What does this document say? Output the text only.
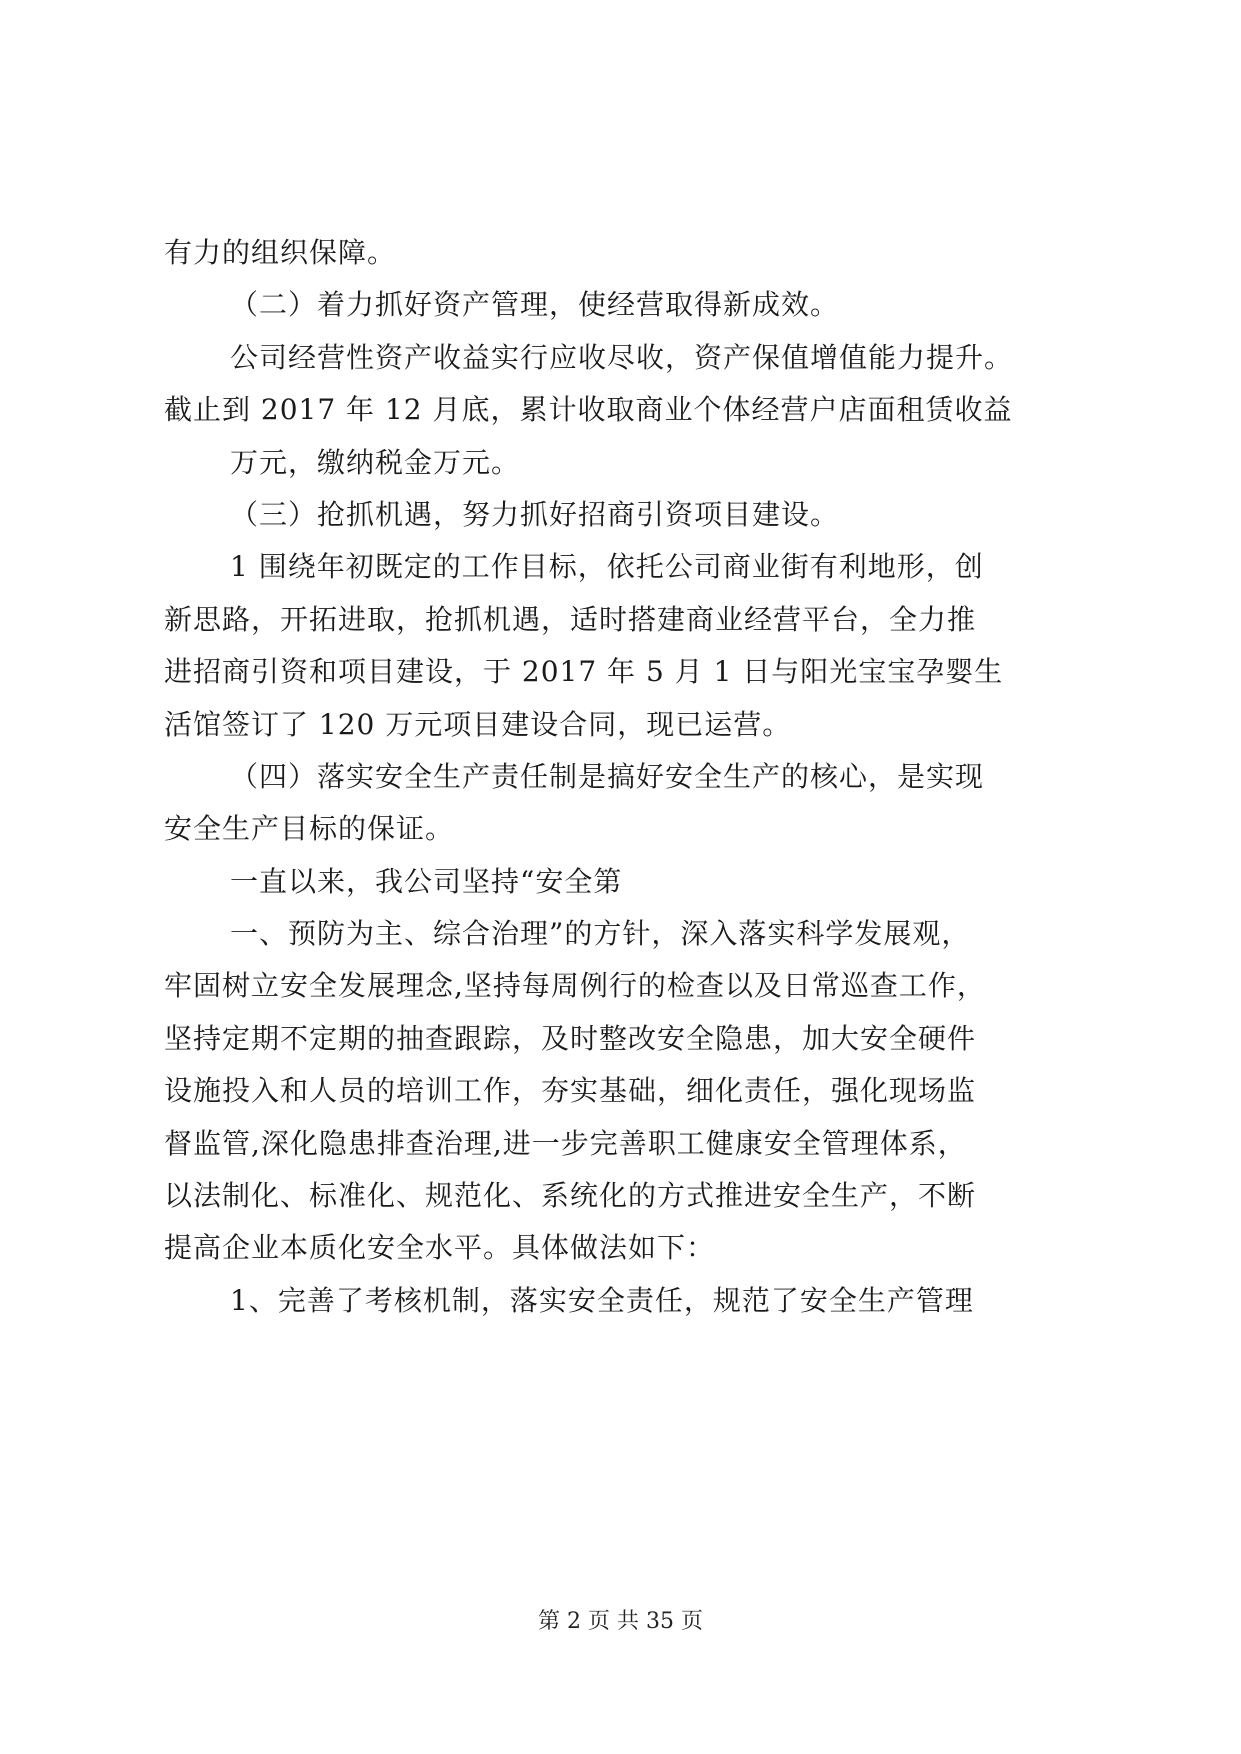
有力的组织保障。
（二）着力抓好资产管理，使经营取得新成效。
公司经营性资产收益实行应收尽收，资产保值增值能力提升。
截止到 2017 年 12 月底，累计收取商业个体经营户店面租赁收益
万元，缴纳税金万元。
（三）抢抓机遇，努力抓好招商引资项目建设。
1 围绕年初既定的工作目标，依托公司商业街有利地形，创
新思路，开拓进取，抢抓机遇，适时搭建商业经营平台，全力推
进招商引资和项目建设，于 2017 年 5 月 1 日与阳光宝宝孕婴生
活馆签订了 120 万元项目建设合同，现已运营。
（四）落实安全生产责任制是搞好安全生产的核心，是实现
安全生产目标的保证。
一直以来，我公司坚持“安全第
一、预防为主、综合治理”的方针，深入落实科学发展观，
牢固树立安全发展理念,坚持每周例行的检查以及日常巡查工作，
坚持定期不定期的抽查跟踪，及时整改安全隐患，加大安全硬件
设施投入和人员的培训工作，夯实基础，细化责任，强化现场监
督监管,深化隐患排查治理,进一步完善职工健康安全管理体系，
以法制化、标准化、规范化、系统化的方式推进安全生产，不断
提高企业本质化安全水平。具体做法如下：
1、完善了考核机制，落实安全责任，规范了安全生产管理
第 2 页 共 35 页
